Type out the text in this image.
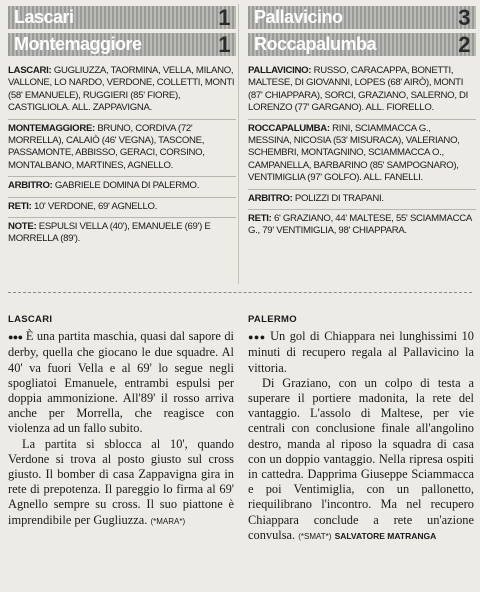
Lascari	1
Montemaggiore	1
LASCARI: GUGLIUZZA, TAORMINA, VELLA, MILANO, VALLONE, LO NARDO, VERDONE, COLLETTI, MONTI (58' EMANUELE), RUGGIERI (85' FIORE), CASTIGLIOLA. ALL. ZAPPAVIGNA.
MONTEMAGGIORE: BRUNO, CORDIVA (72' MORRELLA), CALAIÒ (46' VEGNA), TASCONE, PASSAMONTE, ABBISSO, GERACI, CORSINO, MONTALBANO, MARTINES, AGNELLO.
ARBITRO: GABRIELE DOMINA DI PALERMO.
RETI: 10' VERDONE, 69' AGNELLO.
NOTE: ESPULSI VELLA (40'), EMANUELE (69') E MORRELLA (89').
Pallavicino	3
Roccapalumba	2
PALLAVICINO: RUSSO, CARACAPPA, BONETTI, MALTESE, DI GIOVANNI, LOPES (68' AIRÒ), MONTI (87' CHIAPPARA), SORCI, GRAZIANO, SALERNO, DI LORENZO (77' GARGANO). ALL. FIORELLO.
ROCCAPALUMBA: RINI, SCIAMMACCA G., MESSINA, NICOSIA (53' MISURACA), VALERIANO, SCHEMBRI, MONTAGNINO, SCIAMMACCA O., CAMPANELLA, BARBARINO (85' SAMPOGNARO), VENTIMIGLIA (97' GOLFO). ALL. FANELLI.
ARBITRO: POLIZZI DI TRAPANI.
RETI: 6' GRAZIANO, 44' MALTESE, 55' SCIAMMACCA G., 79' VENTIMIGLIA, 98' CHIAPPARA.
LASCARI

●●● È una partita maschia, quasi dal sapore di derby, quella che giocano le due squadre. Al 40' va fuori Vella e al 69' lo segue negli spogliatoi Emanuele, entrambi espulsi per doppia ammonizione. All'89' il rosso arriva anche per Morrella, che reagisce con violenza ad un fallo subito.

La partita si sblocca al 10', quando Verdone si trova al posto giusto sul cross giusto. Il bomber di casa Zappavigna gira in rete di prepotenza. Il pareggio lo firma al 69' Agnello sempre su cross. Il suo piattone è imprendibile per Gugliuzza. (*MARA*)

PALERMO

●●● Un gol di Chiappara nei lunghissimi 10 minuti di recupero regala al Pallavicino la vittoria.

Di Graziano, con un colpo di testa a superare il portiere madonita, la rete del vantaggio. L'assolo di Maltese, per vie centrali con conclusione finale all'angolino destro, manda al riposo la squadra di casa con un doppio vantaggio. Nella ripresa ospiti in cattedra. Dapprima Giuseppe Sciammacca e poi Ventimiglia, con un pallonetto, riequilibrano l'incontro. Ma nel recupero Chiappara conclude a rete un'azione convulsa. (*SMAT*) SALVATORE MATRANGA
